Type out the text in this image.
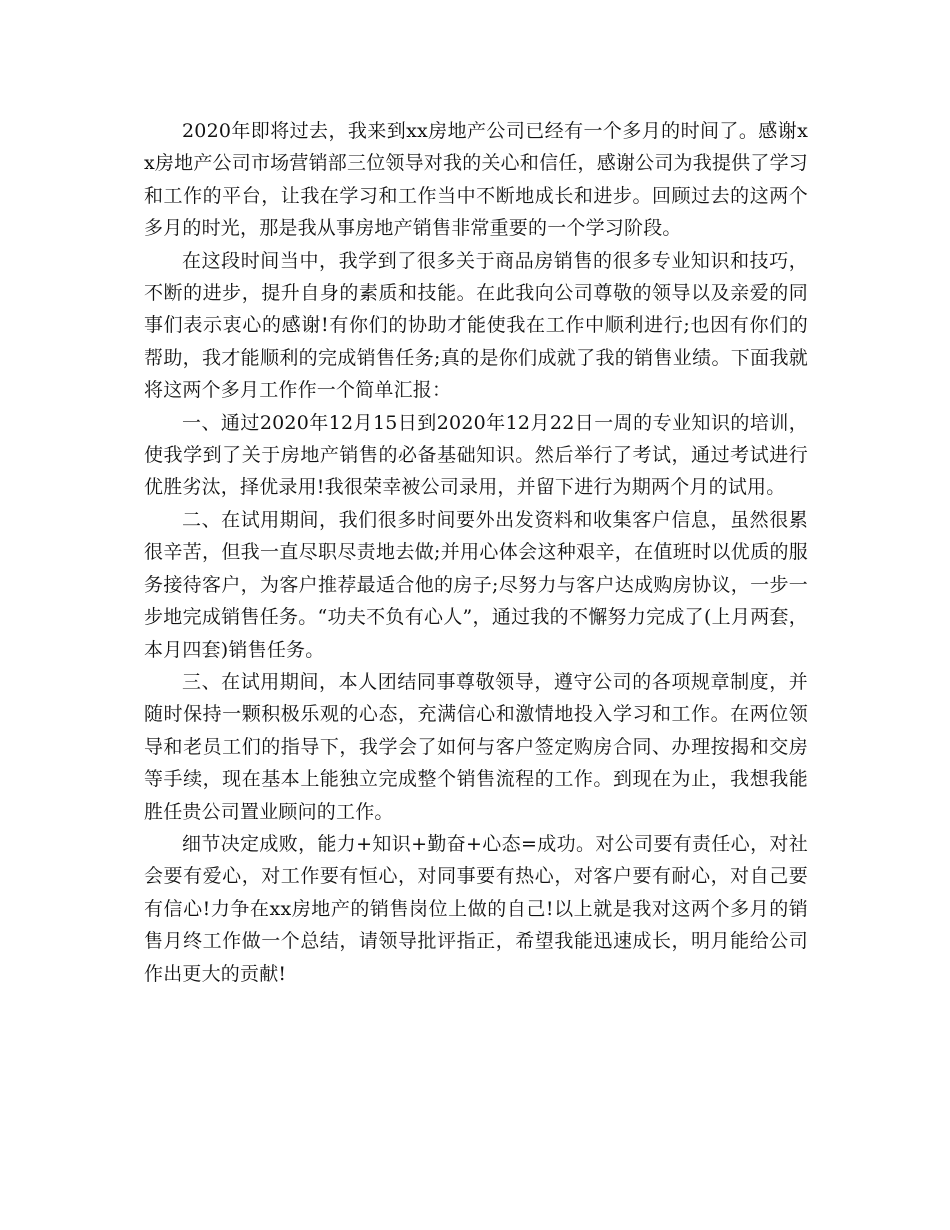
2020年即将过去，我来到xx房地产公司已经有一个多月的时间了。感谢xx房地产公司市场营销部三位领导对我的关心和信任，感谢公司为我提供了学习和工作的平台，让我在学习和工作当中不断地成长和进步。回顾过去的这两个多月的时光，那是我从事房地产销售非常重要的一个学习阶段。

在这段时间当中，我学到了很多关于商品房销售的很多专业知识和技巧，不断的进步，提升自身的素质和技能。在此我向公司尊敬的领导以及亲爱的同事们表示衷心的感谢!有你们的协助才能使我在工作中顺利进行;也因有你们的帮助，我才能顺利的完成销售任务;真的是你们成就了我的销售业绩。下面我就将这两个多月工作作一个简单汇报：

一、通过2020年12月15日到2020年12月22日一周的专业知识的培训，使我学到了关于房地产销售的必备基础知识。然后举行了考试，通过考试进行优胜劣汰，择优录用!我很荣幸被公司录用，并留下进行为期两个月的试用。

二、在试用期间，我们很多时间要外出发资料和收集客户信息，虽然很累很辛苦，但我一直尽职尽责地去做;并用心体会这种艰辛，在值班时以优质的服务接待客户，为客户推荐最适合他的房子;尽努力与客户达成购房协议，一步一步地完成销售任务。“功夫不负有心人”，通过我的不懈努力完成了(上月两套，本月四套)销售任务。

三、在试用期间，本人团结同事尊敬领导，遵守公司的各项规章制度，并随时保持一颗积极乐观的心态，充满信心和激情地投入学习和工作。在两位领导和老员工们的指导下，我学会了如何与客户签定购房合同、办理按揭和交房等手续，现在基本上能独立完成整个销售流程的工作。到现在为止，我想我能胜任贵公司置业顾问的工作。

细节决定成败，能力+知识+勤奋+心态=成功。对公司要有责任心，对社会要有爱心，对工作要有恒心，对同事要有热心，对客户要有耐心，对自己要有信心!力争在xx房地产的销售岗位上做的自己!以上就是我对这两个多月的销售月终工作做一个总结，请领导批评指正，希望我能迅速成长，明月能给公司作出更大的贡献!
